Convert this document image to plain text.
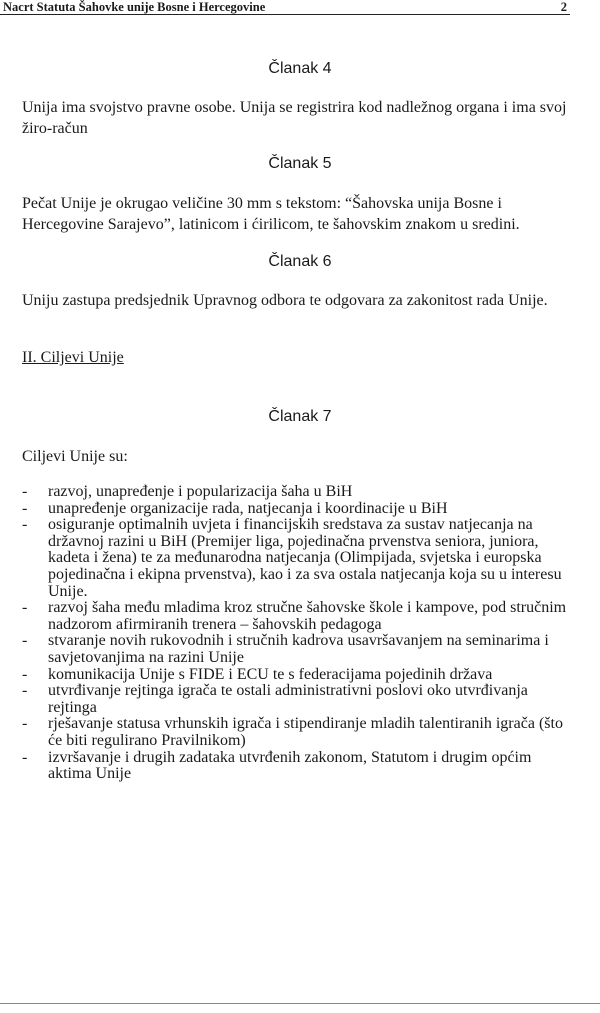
Nacrt Statuta Šahovke unije Bosne i Hercegovine	2
Članak 4
Unija ima svojstvo pravne osobe. Unija se registrira kod nadležnog organa i ima svoj
žiro-račun
Članak 5
Pečat Unije je okrugao veličine 30 mm s tekstom: “Šahovska unija Bosne i
Hercegovine Sarajevo”, latinicom i ćirilicom, te šahovskim znakom u sredini.
Članak 6
Uniju zastupa predsjednik Upravnog odbora te odgovara za zakonitost rada Unije.
II. Ciljevi Unije
Članak 7
Ciljevi Unije su:
- razvoj, unapređenje i popularizacija šaha u BiH
- unapređenje organizacije rada, natjecanja i koordinacije u BiH
- osiguranje optimalnih uvjeta i financijskih sredstava za sustav natjecanja na
državnoj razini u BiH (Premijer liga, pojedinačna prvenstva seniora, juniora,
kadeta i žena) te za međunarodna natjecanja (Olimpijada, svjetska i europska
pojedinačna i ekipna prvenstva), kao i za sva ostala natjecanja koja su u interesu
Unije.
- razvoj šaha među mladima kroz stručne šahovske škole i kampove, pod stručnim
nadzorom afirmiranih trenera – šahovskih pedagoga
- stvaranje novih rukovodnih i stručnih kadrova usavršavanjem na seminarima i
savjetovanjima na razini Unije
- komunikacija Unije s FIDE i ECU te s federacijama pojedinih država
- utvrđivanje rejtinga igrača te ostali administrativni poslovi oko utvrđivanja
rejtinga
- rješavanje statusa vrhunskih igrača i stipendiranje mladih talentiranih igrača (što
će biti regulirano Pravilnikom)
- izvršavanje i drugih zadataka utvrđenih zakonom, Statutom i drugim općim
aktima Unije
